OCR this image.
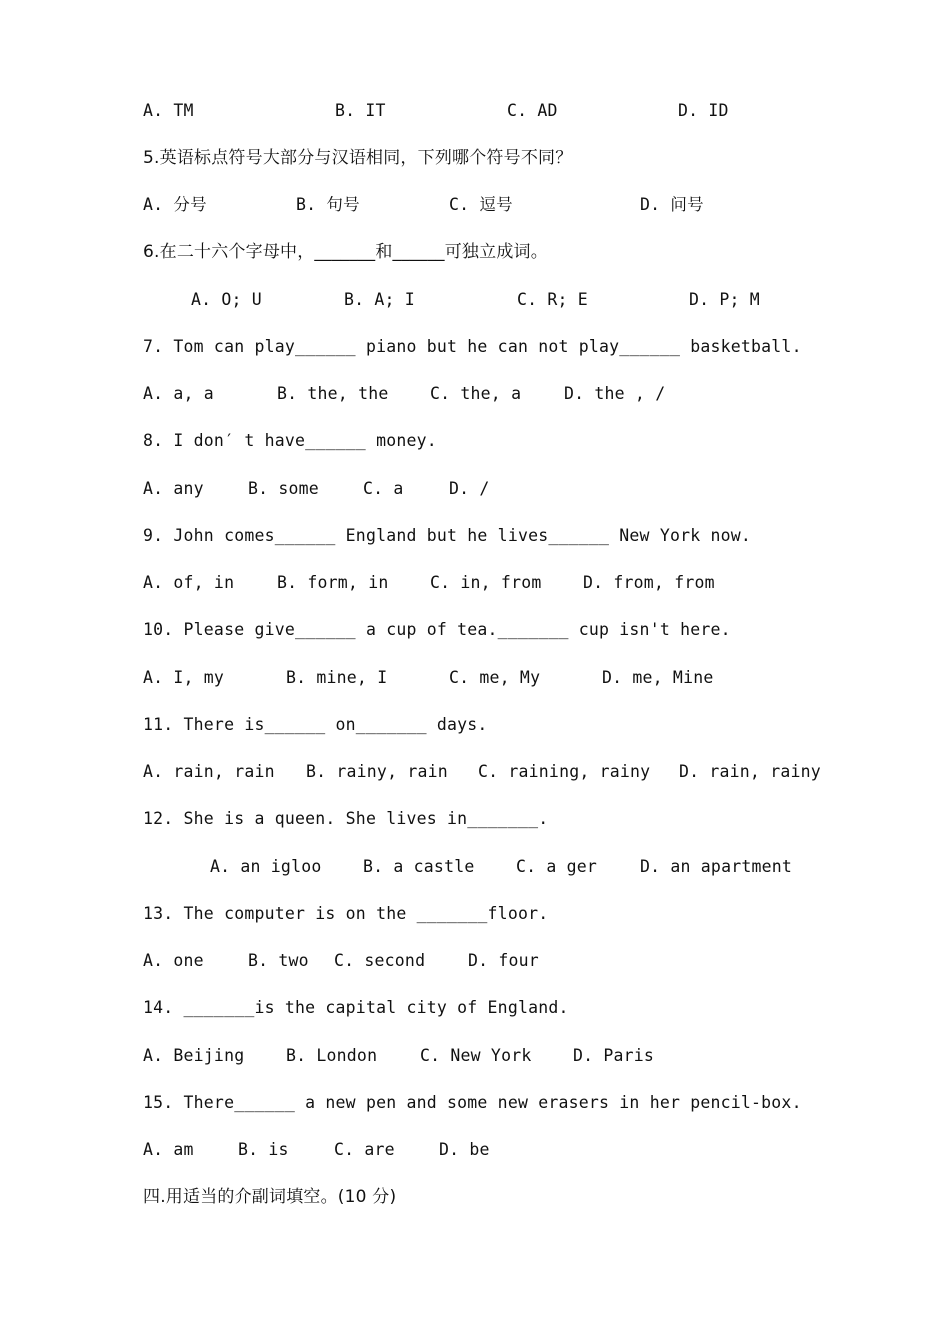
A. TM

	B. IT

	C. AD

	D. ID

5.英语标点符号大部分与汉语相同，下列哪个符号不同？

A. 分号

	B. 句号

	C. 逗号

	D. 问号

6.在二十六个字母中，_______和______可独立成词。

A. O; U

	B. A; I

	C. R; E

	D. P; M

7. Tom can play______ piano but he can not play______ basketball.

A. a, a

	B. the, the

	C. the, a

	D. the , /

8. I don′ t have______ money.

A. any

	B. some

	C. a

	D. /

9. John comes______ England but he lives______ New York now.

A. of, in

	B. form, in

	C. in, from

	D. from, from

10. Please give______ a cup of tea._______ cup isn't here.

A. I, my

	B. mine, I

	C. me, My

	D. me, Mine

11. There is______ on_______ days.

A. rain, rain

B. rainy, rain

C. raining, rainy

D. rain, rainy

12. She is a queen. She lives in_______.

A. an igloo

	B. a castle

	C. a ger

	D. an apartment

13. The computer is on the _______floor.

A. one

	B. two

C. second

	D. four

14. _______is the capital city of England.

A. Beijing

	B. London

	C. New York

	D. Paris

15. There______ a new pen and some new erasers in her pencil-box.

A. am

	B. is

	C. are

	D. be

四.用适当的介副词填空。(10 分)
